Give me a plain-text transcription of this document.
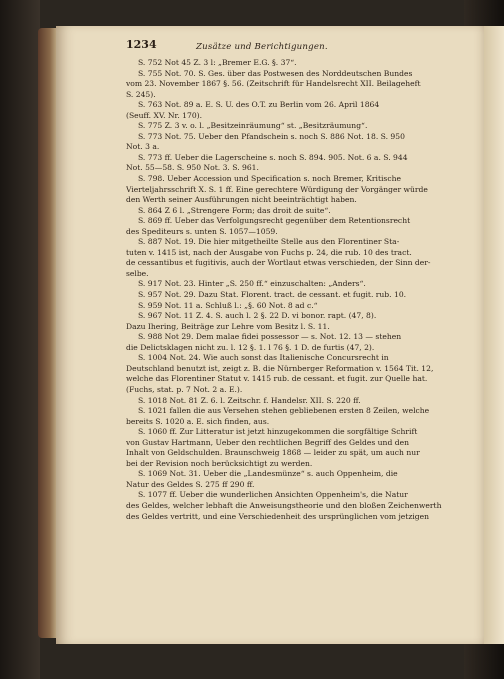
1234	Zusätze und Berichtigungen.
S. 752 Not 45 Z. 3 l: „Bremer E.G. §. 37“.
S. 755 Not. 70. S. Ges. über das Postwesen des Norddeutschen Bundes
vom 23. November 1867 §. 56. (Zeitschrift für Handelsrecht XII. Beilageheft
S. 245).
S. 763 Not. 89 a. E. S. U. des O.T. zu Berlin vom 26. April 1864
(Seuff. XV. Nr. 170).
S. 775 Z. 3 v. o. l. „Besitzeinräumung“ st. „Besitzräumung“.
S. 773 Not. 75. Ueber den Pfandschein s. noch S. 886 Not. 18. S. 950
Not. 3 a.
S. 773 ff. Ueber die Lagerscheine s. noch S. 894. 905. Not. 6 a. S. 944
Not. 55—58. S. 950 Not. 3. S. 961.
S. 798. Ueber Accession und Specification s. noch Bremer, Kritische
Vierteljahrsschrift X. S. 1 ff. Eine gerechtere Würdigung der Vorgänger würde
den Werth seiner Ausführungen nicht beeinträchtigt haben.
S. 864 Z 6 l. „Strengere Form; das droit de suite“.
S. 869 ff. Ueber das Verfolgungsrecht gegenüber dem Retentionsrecht
des Spediteurs s. unten S. 1057—1059.
S. 887 Not. 19. Die hier mitgetheilte Stelle aus den Florentiner Sta-
tuten v. 1415 ist, nach der Ausgabe von Fuchs p. 24, die rub. 10 des tract.
de cessantibus et fugitivis, auch der Wortlaut etwas verschieden, der Sinn der-
selbe.
S. 917 Not. 23. Hinter „S. 250 ff.“ einzuschalten: „Anders“.
S. 957 Not. 29. Dazu Stat. Florent. tract. de cessant. et fugit. rub. 10.
S. 959 Not. 11 a. Schluß l.: „§. 60 Not. 8 ad c.“
S. 967 Not. 11 Z. 4. S. auch l. 2 §. 22 D. vi bonor. rapt. (47, 8).
Dazu Ihering, Beiträge zur Lehre vom Besitz l. S. 11.
S. 988 Not 29. Dem malae fidei possessor — s. Not. 12. 13 — stehen
die Delictsklagen nicht zu. l. 12 §. 1. l 76 §. 1 D. de furtis (47, 2).
S. 1004 Not. 24. Wie auch sonst das Italienische Concursrecht in
Deutschland benutzt ist, zeigt z. B. die Nürnberger Reformation v. 1564 Tit. 12,
welche das Florentiner Statut v. 1415 rub. de cessant. et fugit. zur Quelle hat.
(Fuchs, stat. p. 7 Not. 2 a. E.).
S. 1018 Not. 81 Z. 6. l. Zeitschr. f. Handelsr. XII. S. 220 ff.
S. 1021 fallen die aus Versehen stehen gebliebenen ersten 8 Zeilen, welche
bereits S. 1020 a. E. sich finden, aus.
S. 1060 ff. Zur Litteratur ist jetzt hinzugekommen die sorgfältige Schrift
von Gustav Hartmann, Ueber den rechtlichen Begriff des Geldes und den
Inhalt von Geldschulden. Braunschweig 1868 — leider zu spät, um auch nur
bei der Revision noch berücksichtigt zu werden.
S. 1069 Not. 31. Ueber die „Landesmünze“ s. auch Oppenheim, die
Natur des Geldes S. 275 ff 290 ff.
S. 1077 ff. Ueber die wunderlichen Ansichten Oppenheim's, die Natur
des Geldes, welcher lebhaft die Anweisungstheorie und den bloßen Zeichenwerth
des Geldes vertritt, und eine Verschiedenheit des ursprünglichen vom jetzigen
